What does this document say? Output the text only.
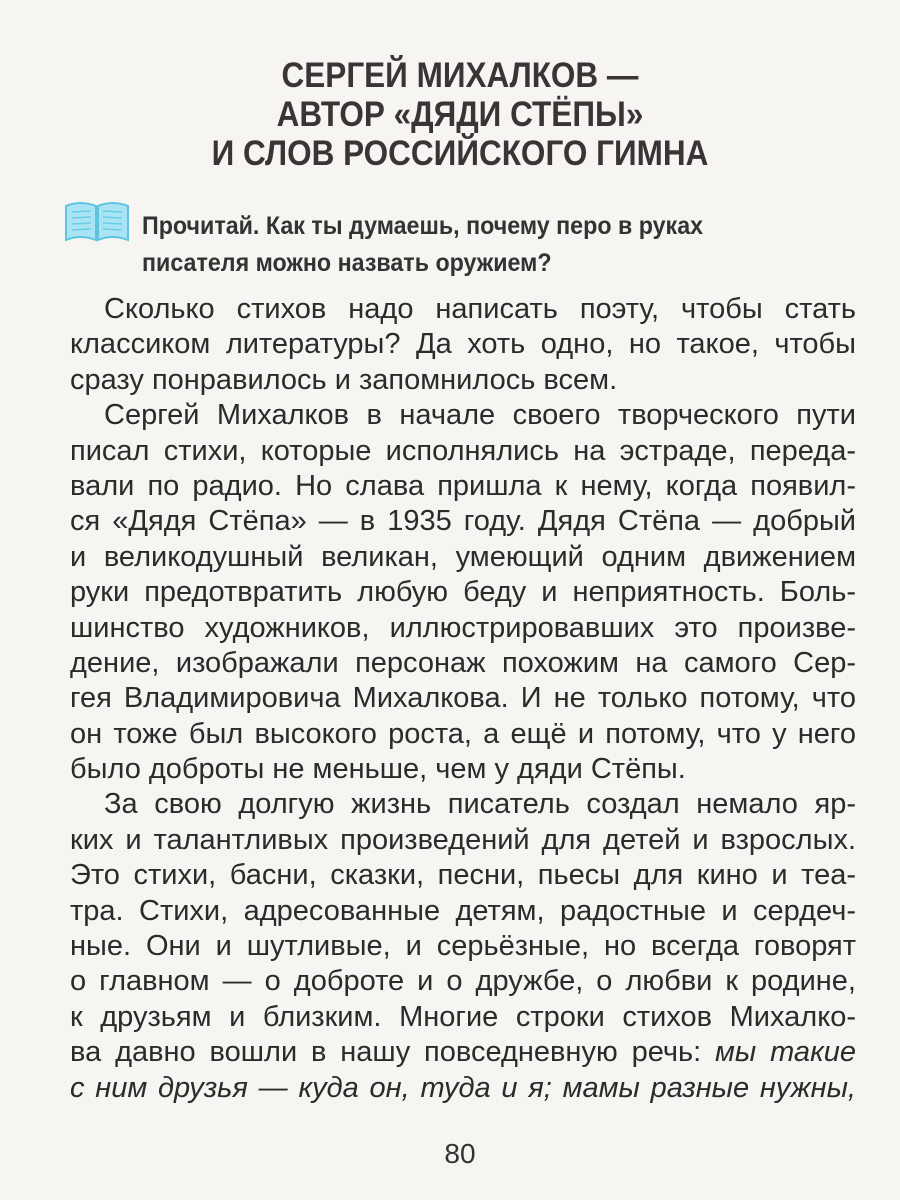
СЕРГЕЙ МИХАЛКОВ —
АВТОР «ДЯДИ СТЁПЫ»
И СЛОВ РОССИЙСКОГО ГИМНА
Прочитай. Как ты думаешь, почему перо в руках
писателя можно назвать оружием?
Сколько стихов надо написать поэту, чтобы стать
классиком литературы? Да хоть одно, но такое, чтобы
сразу понравилось и запомнилось всем.
Сергей Михалков в начале своего творческого пути
писал стихи, которые исполнялись на эстраде, переда-
вали по радио. Но слава пришла к нему, когда появил-
ся «Дядя Стёпа» — в 1935 году. Дядя Стёпа — добрый
и великодушный великан, умеющий одним движением
руки предотвратить любую беду и неприятность. Боль-
шинство художников, иллюстрировавших это произве-
дение, изображали персонаж похожим на самого Сер-
гея Владимировича Михалкова. И не только потому, что
он тоже был высокого роста, а ещё и потому, что у него
было доброты не меньше, чем у дяди Стёпы.
За свою долгую жизнь писатель создал немало яр-
ких и талантливых произведений для детей и взрослых.
Это стихи, басни, сказки, песни, пьесы для кино и теа-
тра. Стихи, адресованные детям, радостные и сердеч-
ные. Они и шутливые, и серьёзные, но всегда говорят
о главном — о доброте и о дружбе, о любви к родине,
к друзьям и близким. Многие строки стихов Михалко-
ва давно вошли в нашу повседневную речь: мы такие
с ним друзья — куда он, туда и я; мамы разные нужны,
80
